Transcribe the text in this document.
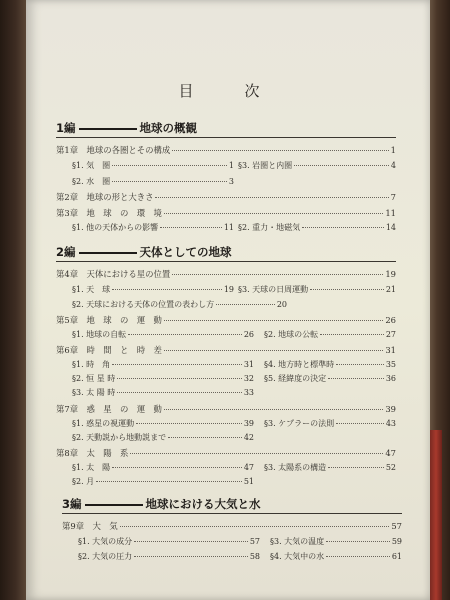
目　次
1編	地球の概観
第1章　地球の各圏とその構成	1
§1. 気　圏	1 §3. 岩圏と内圏	4
§2. 水　圏	3
第2章　地球の形と大きさ	7
第3章　地　球　の　環　境	11
§1. 他の天体からの影響	11 §2. 重力・地磁気	14
2編	天体としての地球
第4章　天体における星の位置	19
§1. 天　球	19 §3. 天球の日周運動	21
§2. 天球における天体の位置の表わし方	20
第5章　地　球　の　運　動	26
§1. 地球の自転	26 §2. 地球の公転	27
第6章　時　間　と　時　差	31
§1. 時　角	31 §4. 地方時と標準時	35
§2. 恒 星 時	32 §5. 経緯度の決定	36
§3. 太 陽 時	33
第7章　惑　星　の　運　動	39
§1. 惑星の視運動	39 §3. ケプラーの法則	43
§2. 天動説から地動説まで	42
第8章　太　陽　系	47
§1. 太　陽	47 §3. 太陽系の構造	52
§2. 月	51
3編	地球における大気と水
第9章　大　気	57
§1. 大気の成分	57 §3. 大気の温度	59
§2. 大気の圧力	58 §4. 大気中の水	61
